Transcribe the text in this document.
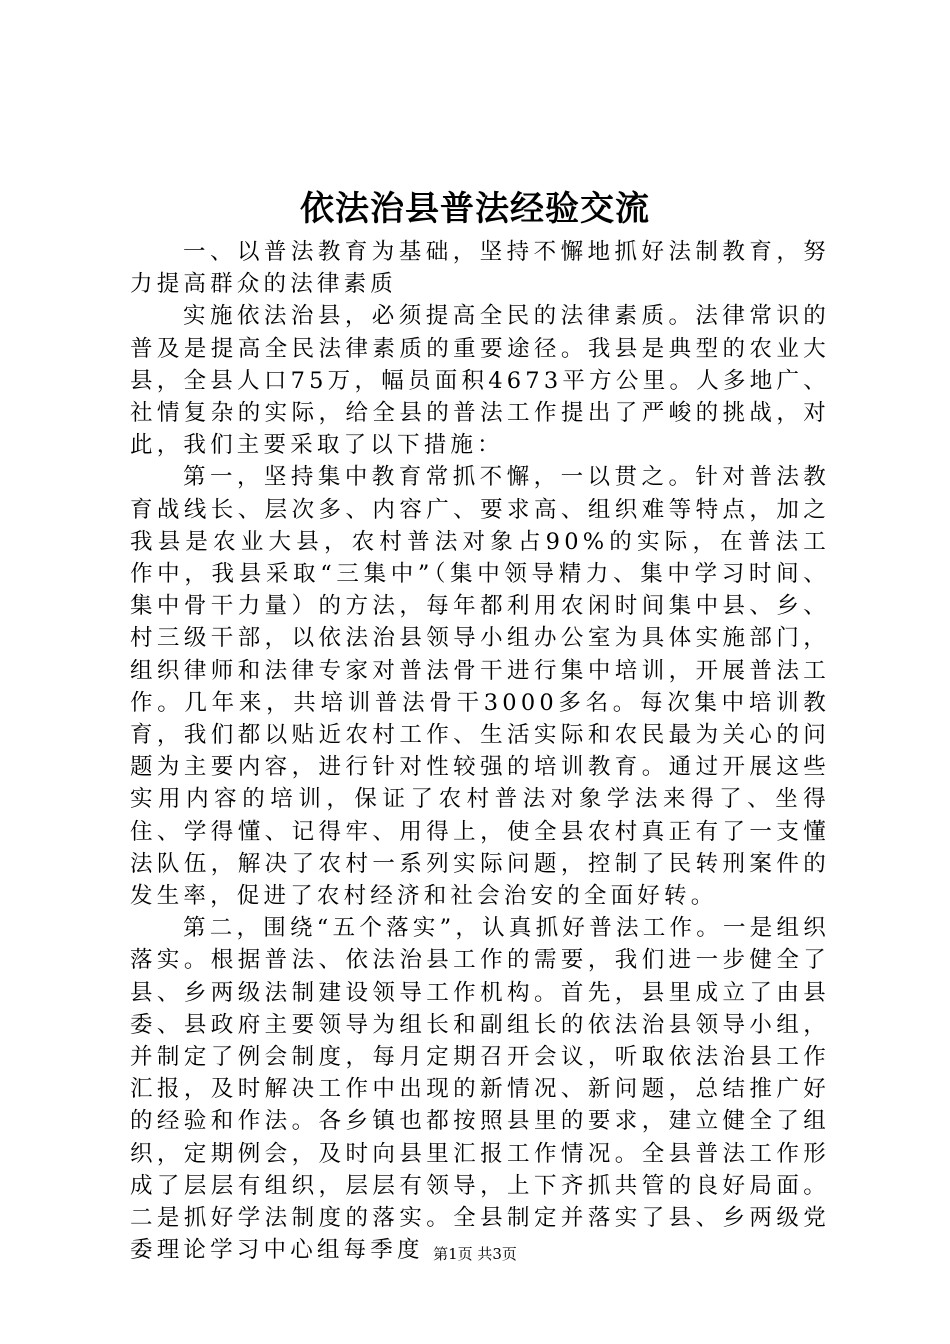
依法治县普法经验交流

一、以普法教育为基础，坚持不懈地抓好法制教育，努力提高群众的法律素质

实施依法治县，必须提高全民的法律素质。法律常识的普及是提高全民法律素质的重要途径。我县是典型的农业大县，全县人口75万，幅员面积4673平方公里。人多地广、社情复杂的实际，给全县的普法工作提出了严峻的挑战，对此，我们主要采取了以下措施：

第一，坚持集中教育常抓不懈，一以贯之。针对普法教育战线长、层次多、内容广、要求高、组织难等特点，加之我县是农业大县，农村普法对象占90%的实际，在普法工作中，我县采取“三集中”（集中领导精力、集中学习时间、集中骨干力量）的方法，每年都利用农闲时间集中县、乡、村三级干部，以依法治县领导小组办公室为具体实施部门，组织律师和法律专家对普法骨干进行集中培训，开展普法工作。几年来，共培训普法骨干3000多名。每次集中培训教育，我们都以贴近农村工作、生活实际和农民最为关心的问题为主要内容，进行针对性较强的培训教育。通过开展这些实用内容的培训，保证了农村普法对象学法来得了、坐得住、学得懂、记得牢、用得上，使全县农村真正有了一支懂法队伍，解决了农村一系列实际问题，控制了民转刑案件的发生率，促进了农村经济和社会治安的全面好转。

第二，围绕“五个落实”，认真抓好普法工作。一是组织落实。根据普法、依法治县工作的需要，我们进一步健全了县、乡两级法制建设领导工作机构。首先，县里成立了由县委、县政府主要领导为组长和副组长的依法治县领导小组，并制定了例会制度，每月定期召开会议，听取依法治县工作汇报，及时解决工作中出现的新情况、新问题，总结推广好的经验和作法。各乡镇也都按照县里的要求，建立健全了组织，定期例会，及时向县里汇报工作情况。全县普法工作形成了层层有组织，层层有领导，上下齐抓共管的良好局面。二是抓好学法制度的落实。全县制定并落实了县、乡两级党委理论学习中心组每季度 第1页 共3页
